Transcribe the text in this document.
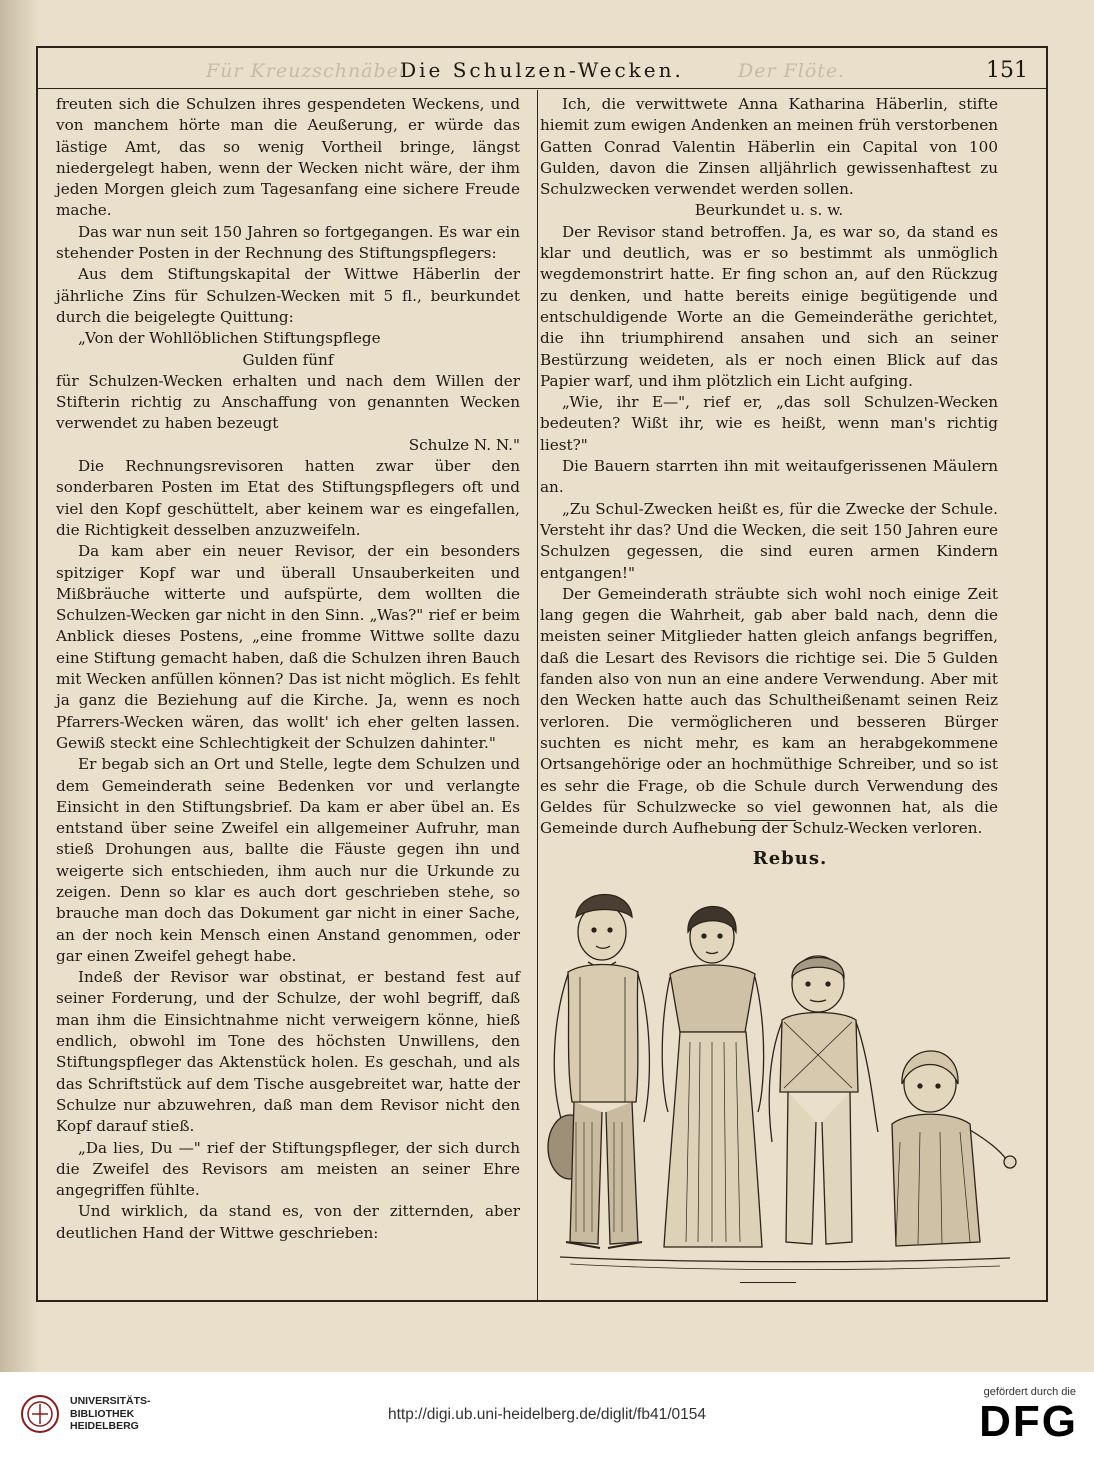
Für Kreuzschnäbel.	Der Flöte.
Die Schulzen-Wecken.	151

freuten sich die Schulzen ihres gespendeten Weckens, und von manchem hörte man die Aeußerung, er würde das lästige Amt, das so wenig Vortheil bringe, längst niedergelegt haben, wenn der Wecken nicht wäre, der ihm jeden Morgen gleich zum Tagesanfang eine sichere Freude mache.

Das war nun seit 150 Jahren so fortgegangen. Es war ein stehender Posten in der Rechnung des Stiftungspflegers:

Aus dem Stiftungskapital der Wittwe Häberlin der jährliche Zins für Schulzen-Wecken mit 5 fl., beurkundet durch die beigelegte Quittung:

„Von der Wohllöblichen Stiftungspflege

Gulden fünf

für Schulzen-Wecken erhalten und nach dem Willen der Stifterin richtig zu Anschaffung von genannten Wecken verwendet zu haben bezeugt

Schulze N. N."

Die Rechnungsrevisoren hatten zwar über den sonderbaren Posten im Etat des Stiftungspflegers oft und viel den Kopf geschüttelt, aber keinem war es eingefallen, die Richtigkeit desselben anzuzweifeln.

Da kam aber ein neuer Revisor, der ein besonders spitziger Kopf war und überall Unsauberkeiten und Mißbräuche witterte und aufspürte, dem wollten die Schulzen-Wecken gar nicht in den Sinn. „Was?" rief er beim Anblick dieses Postens, „eine fromme Wittwe sollte dazu eine Stiftung gemacht haben, daß die Schulzen ihren Bauch mit Wecken anfüllen können? Das ist nicht möglich. Es fehlt ja ganz die Beziehung auf die Kirche. Ja, wenn es noch Pfarrers-Wecken wären, das wollt' ich eher gelten lassen. Gewiß steckt eine Schlechtigkeit der Schulzen dahinter."

Er begab sich an Ort und Stelle, legte dem Schulzen und dem Gemeinderath seine Bedenken vor und verlangte Einsicht in den Stiftungsbrief. Da kam er aber übel an. Es entstand über seine Zweifel ein allgemeiner Aufruhr, man stieß Drohungen aus, ballte die Fäuste gegen ihn und weigerte sich entschieden, ihm auch nur die Urkunde zu zeigen. Denn so klar es auch dort geschrieben stehe, so brauche man doch das Dokument gar nicht in einer Sache, an der noch kein Mensch einen Anstand genommen, oder gar einen Zweifel gehegt habe.

Indeß der Revisor war obstinat, er bestand fest auf seiner Forderung, und der Schulze, der wohl begriff, daß man ihm die Einsichtnahme nicht verweigern könne, hieß endlich, obwohl im Tone des höchsten Unwillens, den Stiftungspfleger das Aktenstück holen. Es geschah, und als das Schriftstück auf dem Tische ausgebreitet war, hatte der Schulze nur abzuwehren, daß man dem Revisor nicht den Kopf darauf stieß.

„Da lies, Du —" rief der Stiftungspfleger, der sich durch die Zweifel des Revisors am meisten an seiner Ehre angegriffen fühlte.

Und wirklich, da stand es, von der zitternden, aber deutlichen Hand der Wittwe geschrieben:

Ich, die verwittwete Anna Katharina Häberlin, stifte hiemit zum ewigen Andenken an meinen früh verstorbenen Gatten Conrad Valentin Häberlin ein Capital von 100 Gulden, davon die Zinsen alljährlich gewissenhaftest zu Schulzwecken verwendet werden sollen.

Beurkundet u. s. w.

Der Revisor stand betroffen. Ja, es war so, da stand es klar und deutlich, was er so bestimmt als unmöglich wegdemonstrirt hatte. Er fing schon an, auf den Rückzug zu denken, und hatte bereits einige begütigende und entschuldigende Worte an die Gemeinderäthe gerichtet, die ihn triumphirend ansahen und sich an seiner Bestürzung weideten, als er noch einen Blick auf das Papier warf, und ihm plötzlich ein Licht aufging.

„Wie, ihr E—", rief er, „das soll Schulzen-Wecken bedeuten? Wißt ihr, wie es heißt, wenn man's richtig liest?"

Die Bauern starrten ihn mit weitaufgerissenen Mäulern an.

„Zu Schul-Zwecken heißt es, für die Zwecke der Schule. Versteht ihr das? Und die Wecken, die seit 150 Jahren eure Schulzen gegessen, die sind euren armen Kindern entgangen!"

Der Gemeinderath sträubte sich wohl noch einige Zeit lang gegen die Wahrheit, gab aber bald nach, denn die meisten seiner Mitglieder hatten gleich anfangs begriffen, daß die Lesart des Revisors die richtige sei. Die 5 Gulden fanden also von nun an eine andere Verwendung. Aber mit den Wecken hatte auch das Schultheißenamt seinen Reiz verloren. Die vermöglicheren und besseren Bürger suchten es nicht mehr, es kam an herabgekommene Ortsangehörige oder an hochmüthige Schreiber, und so ist es sehr die Frage, ob die Schule durch Verwendung des Geldes für Schulzwecke so viel gewonnen hat, als die Gemeinde durch Aufhebung der Schulz-Wecken verloren.

Rebus.
UNIVERSITÄTS-
BIBLIOTHEK
HEIDELBERG
http://digi.ub.uni-heidelberg.de/diglit/fb41/0154
gefördert durch die
DFG
